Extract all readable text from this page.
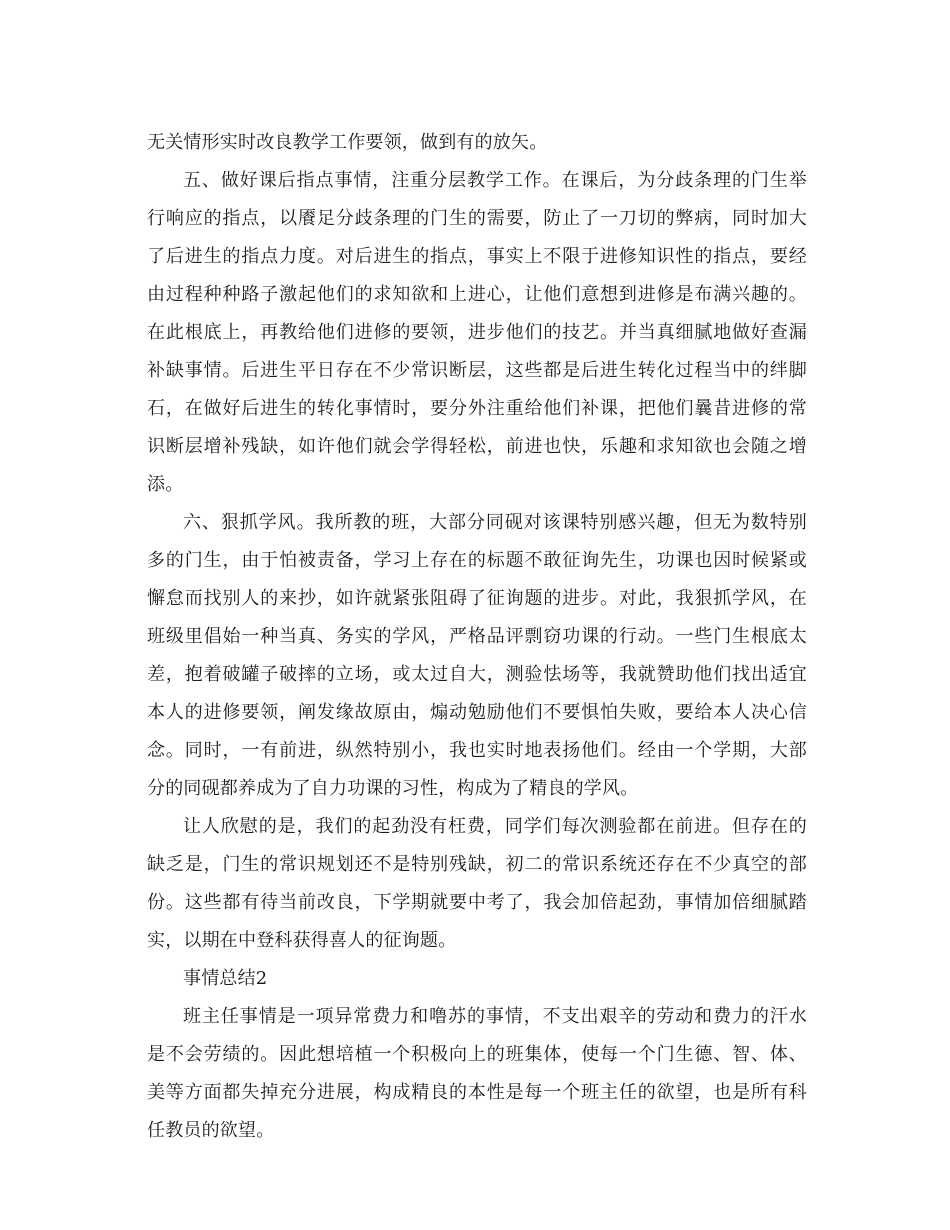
无关情形实时改良教学工作要领，做到有的放矢。
五、做好课后指点事情，注重分层教学工作。在课后，为分歧条理的门生举
行响应的指点，以餍足分歧条理的门生的需要，防止了一刀切的弊病，同时加大
了后进生的指点力度。对后进生的指点，事实上不限于进修知识性的指点，要经
由过程种种路子激起他们的求知欲和上进心，让他们意想到进修是布满兴趣的。
在此根底上，再教给他们进修的要领，进步他们的技艺。并当真细腻地做好查漏
补缺事情。后进生平日存在不少常识断层，这些都是后进生转化过程当中的绊脚
石，在做好后进生的转化事情时，要分外注重给他们补课，把他们曩昔进修的常
识断层增补残缺，如许他们就会学得轻松，前进也快，乐趣和求知欲也会随之增
添。
六、狠抓学风。我所教的班，大部分同砚对该课特别感兴趣，但无为数特别
多的门生，由于怕被责备，学习上存在的标题不敢征询先生，功课也因时候紧或
懈怠而找别人的来抄，如许就紧张阻碍了征询题的进步。对此，我狠抓学风，在
班级里倡始一种当真、务实的学风，严格品评剽窃功课的行动。一些门生根底太
差，抱着破罐子破摔的立场，或太过自大，测验怯场等，我就赞助他们找出适宜
本人的进修要领，阐发缘故原由，煽动勉励他们不要惧怕失败，要给本人决心信
念。同时，一有前进，纵然特别小，我也实时地表扬他们。经由一个学期，大部
分的同砚都养成为了自力功课的习性，构成为了精良的学风。
让人欣慰的是，我们的起劲没有枉费，同学们每次测验都在前进。但存在的
缺乏是，门生的常识规划还不是特别残缺，初二的常识系统还存在不少真空的部
份。这些都有待当前改良，下学期就要中考了，我会加倍起劲，事情加倍细腻踏
实，以期在中登科获得喜人的征询题。
事情总结2
班主任事情是一项异常费力和噜苏的事情，不支出艰辛的劳动和费力的汗水
是不会劳绩的。因此想培植一个积极向上的班集体，使每一个门生德、智、体、
美等方面都失掉充分进展，构成精良的本性是每一个班主任的欲望，也是所有科
任教员的欲望。
